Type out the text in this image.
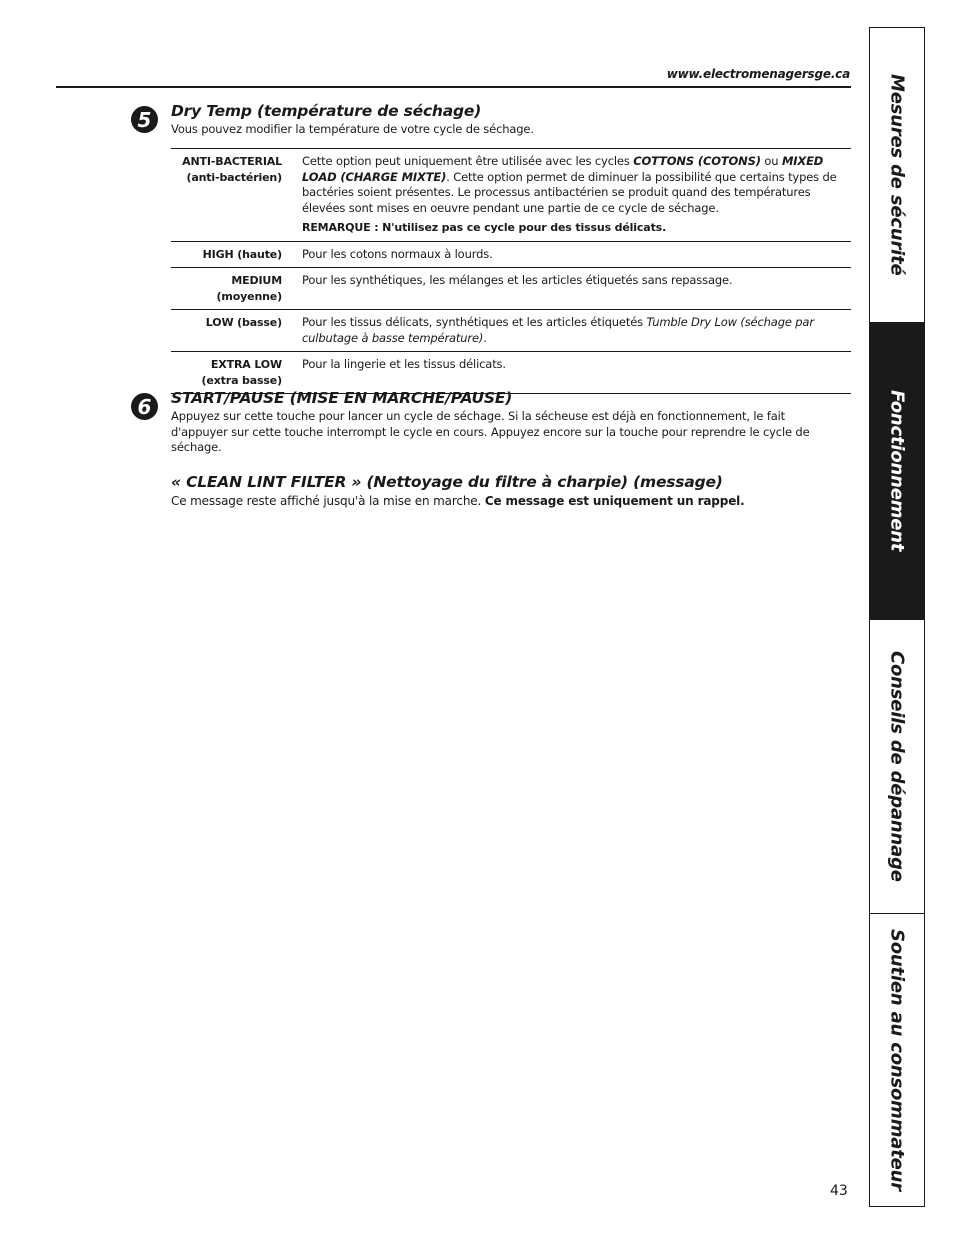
www.electromenagersge.ca
5	Dry Temp (température de séchage)
Vous pouvez modifier la température de votre cycle de séchage.
ANTI-BACTERIAL
(anti-bactérien)	Cette option peut uniquement être utilisée avec les cycles COTTONS (COTONS) ou MIXED LOAD (CHARGE MIXTE). Cette option permet de diminuer la possibilité que certains types de bactéries soient présentes. Le processus antibactérien se produit quand des températures élevées sont mises en oeuvre pendant une partie de ce cycle de séchage.
REMARQUE : N'utilisez pas ce cycle pour des tissus délicats.

HIGH (haute)	Pour les cotons normaux à lourds.
MEDIUM (moyenne)	Pour les synthétiques, les mélanges et les articles étiquetés sans repassage.
LOW (basse)	Pour les tissus délicats, synthétiques et les articles étiquetés Tumble Dry Low (séchage par culbutage à basse température).
EXTRA LOW
(extra basse)	Pour la lingerie et les tissus délicats.
6	START/PAUSE (MISE EN MARCHE/PAUSE)
Appuyez sur cette touche pour lancer un cycle de séchage. Si la sécheuse est déjà en fonctionnement, le fait d'appuyer sur cette touche interrompt le cycle en cours. Appuyez encore sur la touche pour reprendre le cycle de séchage.
« CLEAN LINT FILTER » (Nettoyage du filtre à charpie) (message)
Ce message reste affiché jusqu'à la mise en marche. Ce message est uniquement un rappel.
43
Mesures de sécurité
Fonctionnement
Conseils de dépannage
Soutien au consommateur
